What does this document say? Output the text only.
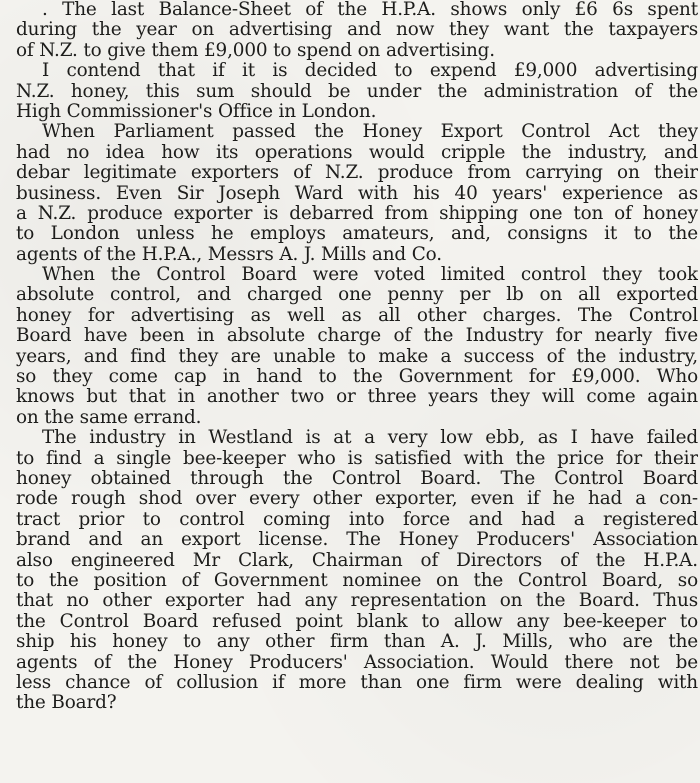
. The last Balance-Sheet of the H.P.A. shows only £6 6s spent
during the year on advertising and now they want the taxpayers
of N.Z. to give them £9,000 to spend on advertising.
I contend that if it is decided to expend £9,000 advertising
N.Z. honey, this sum should be under the administration of the
High Commissioner's Office in London.
When Parliament passed the Honey Export Control Act they
had no idea how its operations would cripple the industry, and
debar legitimate exporters of N.Z. produce from carrying on their
business. Even Sir Joseph Ward with his 40 years' experience as
a N.Z. produce exporter is debarred from shipping one ton of honey
to London unless he employs amateurs, and, consigns it to the
agents of the H.P.A., Messrs A. J. Mills and Co.
When the Control Board were voted limited control they took
absolute control, and charged one penny per lb on all exported
honey for advertising as well as all other charges. The Control
Board have been in absolute charge of the Industry for nearly five
years, and find they are unable to make a success of the industry,
so they come cap in hand to the Government for £9,000. Who
knows but that in another two or three years they will come again
on the same errand.
The industry in Westland is at a very low ebb, as I have failed
to find a single bee-keeper who is satisfied with the price for their
honey obtained through the Control Board. The Control Board
rode rough shod over every other exporter, even if he had a con-
tract prior to control coming into force and had a registered
brand and an export license. The Honey Producers' Association
also engineered Mr Clark, Chairman of Directors of the H.P.A.
to the position of Government nominee on the Control Board, so
that no other exporter had any representation on the Board. Thus
the Control Board refused point blank to allow any bee-keeper to
ship his honey to any other firm than A. J. Mills, who are the
agents of the Honey Producers' Association. Would there not be
less chance of collusion if more than one firm were dealing with
the Board?
